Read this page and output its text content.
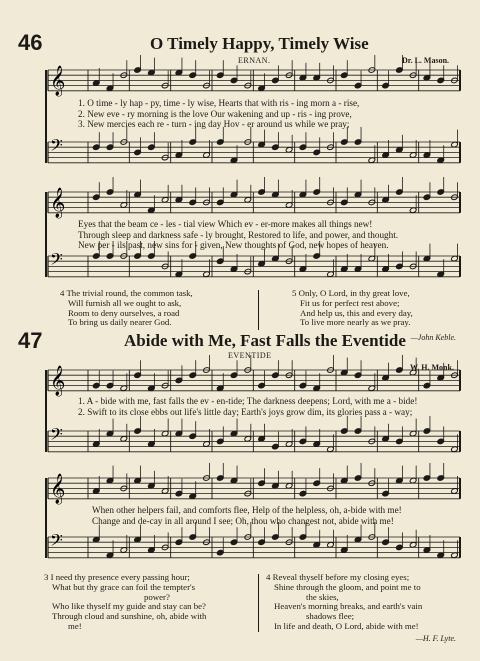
46	O Timely Happy, Timely Wise
ERNAN.	Dr. L. Mason.
1. O time - ly hap - py, time - ly wise, Hearts that with ris - ing morn a - rise,
2. New eve - ry morning is the love Our wakening and up - ris - ing prove,
3. New mercies each re - turn - ing day Hov - er around us while we pray;
Eyes that the beam ce - les - tial view Which ev - er-more makes all things new!
Through sleep and darkness safe - ly brought, Restored to life, and power, and thought.
New per - ils past, new sins for - given, New thoughts of God, new hopes of heaven.
4 The trivial round, the common task,
Will furnish all we ought to ask,
Room to deny ourselves, a road
To bring us daily nearer God.
5 Only, O Lord, in thy great love,
Fit us for perfect rest above;
And help us, this and every day,
To live more nearly as we pray.
—John Keble.
47	Abide with Me, Fast Falls the Eventide
EVENTIDE
W. H. Monk.
1. A - bide with me, fast falls the ev - en-tide; The darkness deepens; Lord, with me a - bide!
2. Swift to its close ebbs out life's little day; Earth's joys grow dim, its glories pass a - way;
When other helpers fail, and comforts flee, Help of the helpless, oh, a-bide with me!
Change and de-cay in all around I see; Oh, thou who changest not, abide with me!
3 I need thy presence every passing hour;
What but thy grace can foil the tempter's
power?
Who like thyself my guide and stay can be?
Through cloud and sunshine, oh, abide with
me!
4 Reveal thyself before my closing eyes;
Shine through the gloom, and point me to
the skies,
Heaven's morning breaks, and earth's vain
shadows flee;
In life and death, O Lord, abide with me!
—H. F. Lyte.
𝄞
𝄢
𝄞
𝄢
𝄞
𝄢
𝄞
𝄢
